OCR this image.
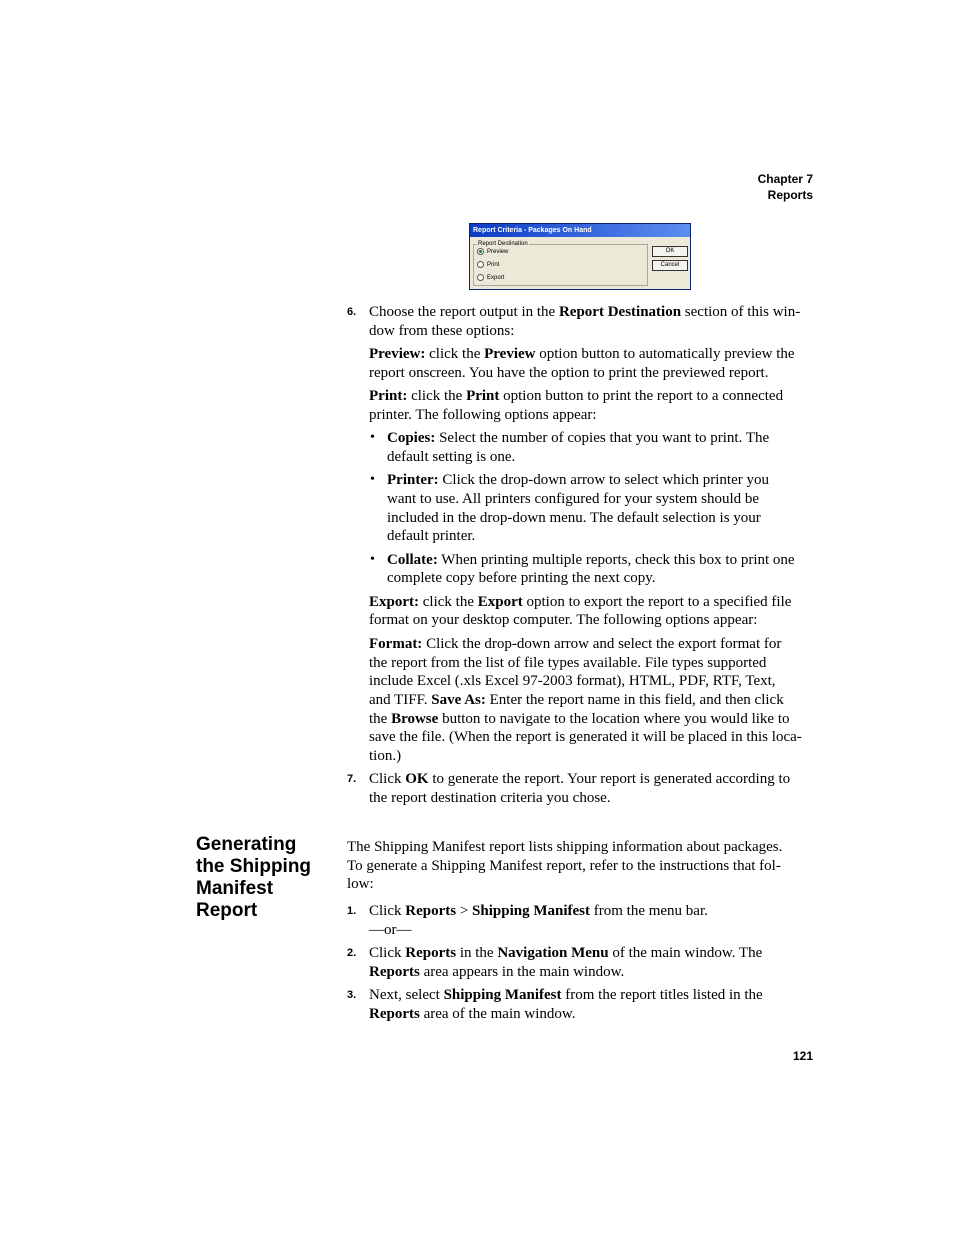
Chapter 7
Reports
Report Criteria - Packages On Hand
Report Destination
Preview
Print
Export
OK
Cancel
6. Choose the report output in the Report Destination section of this win-

dow from these options:

Preview: click the Preview option button to automatically preview the

report onscreen. You have the option to print the previewed report.

Print: click the Print option button to print the report to a connected

printer. The following options appear:

• Copies: Select the number of copies that you want to print. The

default setting is one.

• Printer: Click the drop-down arrow to select which printer you

want to use. All printers configured for your system should be

included in the drop-down menu. The default selection is your

default printer.

• Collate: When printing multiple reports, check this box to print one

complete copy before printing the next copy.

Export: click the Export option to export the report to a specified file

format on your desktop computer. The following options appear:

Format: Click the drop-down arrow and select the export format for

the report from the list of file types available. File types supported

include Excel (.xls Excel 97-2003 format), HTML, PDF, RTF, Text,

and TIFF. Save As: Enter the report name in this field, and then click

the Browse button to navigate to the location where you would like to

save the file. (When the report is generated it will be placed in this loca-

tion.)

7. Click OK to generate the report. Your report is generated according to

the report destination criteria you chose.

Generating
the Shipping
Manifest
Report

The Shipping Manifest report lists shipping information about packages.

To generate a Shipping Manifest report, refer to the instructions that fol-

low:

1. Click Reports > Shipping Manifest from the menu bar.

—or—

2. Click Reports in the Navigation Menu of the main window. The

Reports area appears in the main window.

3. Next, select Shipping Manifest from the report titles listed in the

Reports area of the main window.

121
